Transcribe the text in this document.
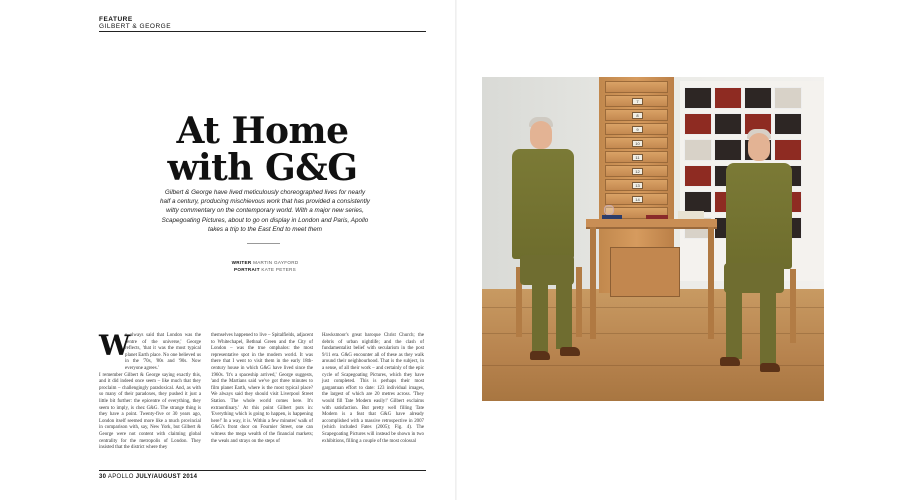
FEATURE
GILBERT & GEORGE
At Home
with G&G
Gilbert & George have lived meticulously choreographed lives for nearly half a century, producing mischievous work that has provided a consistently witty commentary on the contemporary world. With a major new series, Scapegoating Pictures, about to go on display in London and Paris, Apollo takes a trip to the East End to meet them
WRITER MARTIN GAYFORD
PORTRAIT KATE PETERS
W
e always said that London was the centre of the universe,' George reflects, 'that it was the most typical planet Earth place. No one believed us in the '70s, '80s and '90s. Now everyone agrees.'
I remember Gilbert & George saying exactly this, and it did indeed once seem – like much that they proclaim – challengingly paradoxical. And, as with so many of their paradoxes, they pushed it just a little bit further: the epicentre of everything, they seem to imply, is chez G&G. The strange thing is they have a point. Twenty-five or 30 years ago, London itself seemed more like a much provincial in comparison with, say, New York, but Gilbert & George were not content with claiming global centrality for the metropolis of London. They insisted that the district where they
themselves happened to live – Spitalfields, adjacent to Whitechapel, Bethnal Green and the City of London – was the true omphalos: the most representative spot in the modern world. It was there that I went to visit them in the early 18th-century house in which G&G have lived since the 1960s. 'It's a spaceship arrived,' George suggests, 'and the Martians said we've got three minutes to film planet Earth, where is the most typical place? We always said they should visit Liverpool Street Station. The whole world comes here. It's extraordinary.' At this point Gilbert puts in: 'Everything which is going to happen, is happening here!' In a way, it is. Within a few minutes' walk of G&G's front door on Fournier Street, one can witness the mega wealth of the financial markets; the weals and strays on the steps of
Hawksmoor's great baroque Christ Church; the debris of urban nightlife; and the clash of fundamentalist belief with secularism in the post 9/11 era. G&G encounter all of these as they walk around their neighbourhood. That is the subject, in a sense, of all their work – and certainly of the epic cycle of Scapegoating Pictures, which they have just completed. This is perhaps their most gargantuan effort to date: 123 individual images, the largest of which are 20 metres across. 'They would fill Tate Modern easily!' Gilbert exclaims with satisfaction. But pretty well filling Tate Modern is a feat that G&G have already accomplished with a massive retrospective in 2007 (which included Fates (2005); Fig. 4). The Scapegoating Pictures will instead be shown in two exhibitions, filling a couple of the most colossal
30 APOLLO JULY/AUGUST 2014
7
8
9
10
11
12
13
14
